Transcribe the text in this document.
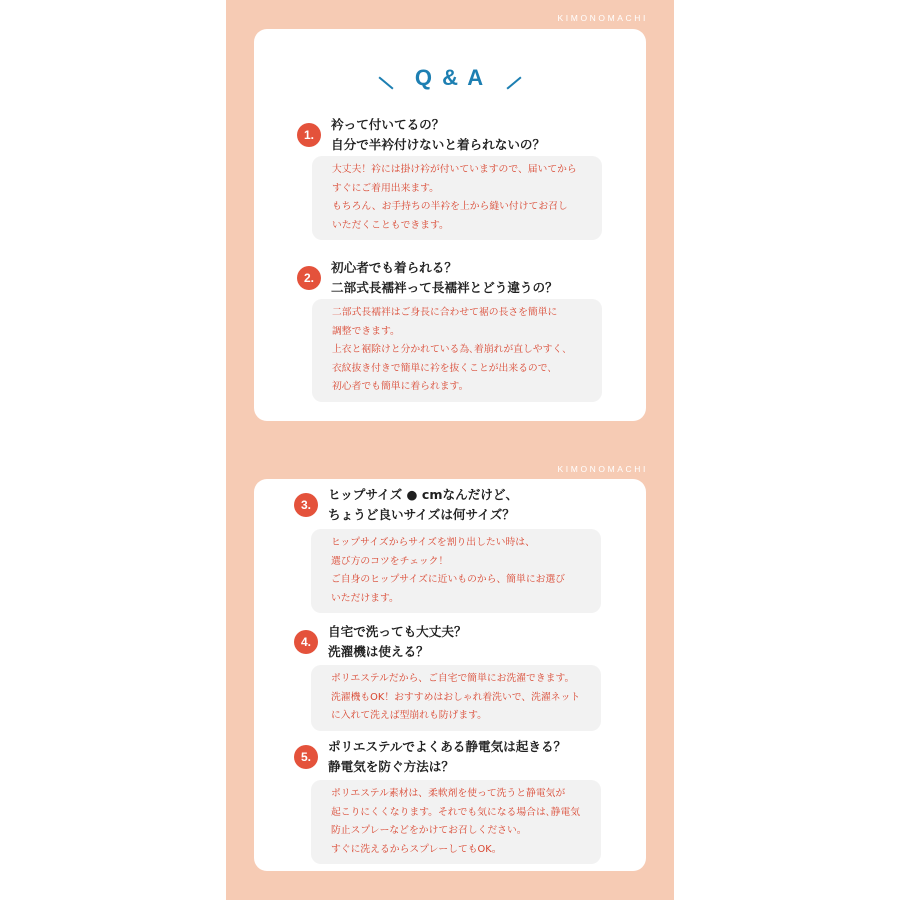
KIMONOMACHI
Q & A
1.
衿って付いてるの？
自分で半衿付けないと着られないの？
大丈夫！衿には掛け衿が付いていますので、届いてから
すぐにご着用出来ます。
もちろん、お手持ちの半衿を上から縫い付けてお召し
いただくこともできます。
2.
初心者でも着られる？
二部式長襦袢って長襦袢とどう違うの？
二部式長襦袢はご身長に合わせて裾の長さを簡単に
調整できます。
上衣と裾除けと分かれている為､着崩れが直しやすく､
衣紋抜き付きで簡単に衿を抜くことが出来るので､
初心者でも簡単に着られます。
KIMONOMACHI
3.
ヒップサイズ ● cmなんだけど、
ちょうど良いサイズは何サイズ？
ヒップサイズからサイズを割り出したい時は、
選び方のコツをチェック！
ご自身のヒップサイズに近いものから、簡単にお選び
いただけます。
4.
自宅で洗っても大丈夫？
洗濯機は使える？
ポリエステルだから、ご自宅で簡単にお洗濯できます。
洗濯機もOK！おすすめはおしゃれ着洗いで、洗濯ネット
に入れて洗えば型崩れも防げます。
5.
ポリエステルでよくある静電気は起きる？
静電気を防ぐ方法は？
ポリエステル素材は、柔軟剤を使って洗うと静電気が
起こりにくくなります。それでも気になる場合は､静電気
防止スプレーなどをかけてお召しください。
すぐに洗えるからスプレーしてもOK。
